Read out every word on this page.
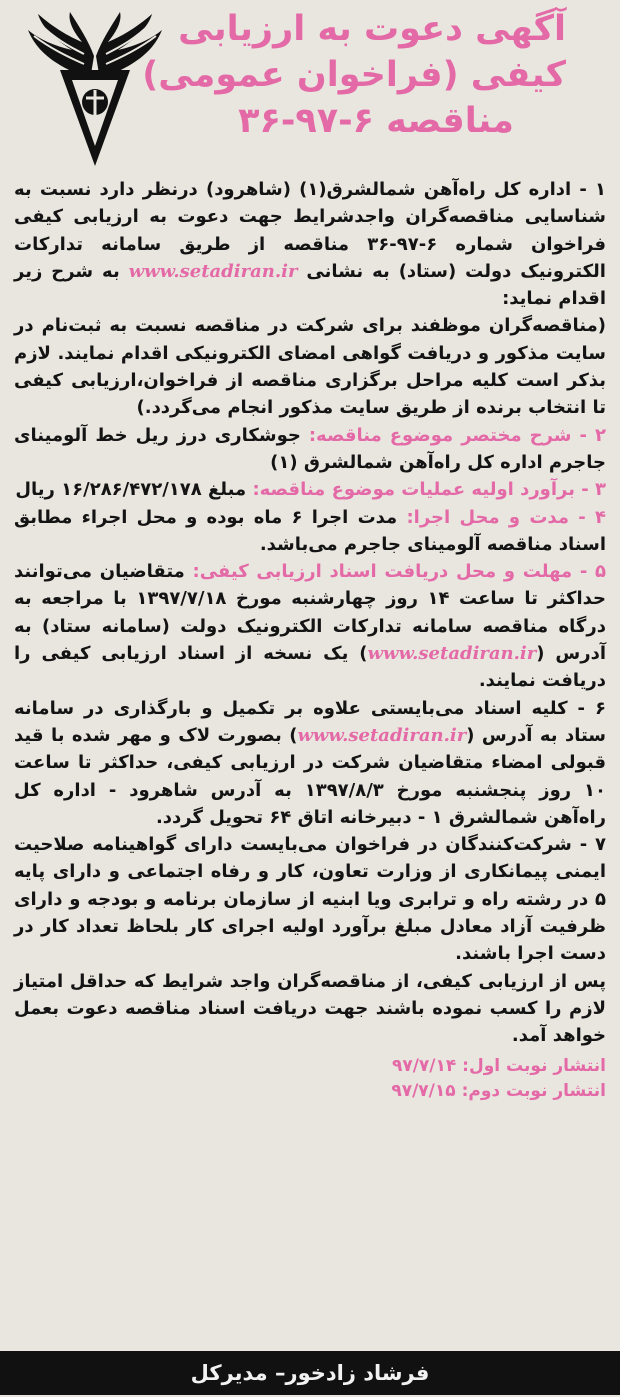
آگهی دعوت به ارزیابی
کیفی (فراخوان عمومی)
مناقصه ۶-۹۷-۳۶

۱ - اداره کل راه‌آهن شمالشرق(۱) (شاهرود) درنظر دارد نسبت به شناسایی مناقصه‌گران واجدشرایط جهت دعوت به ارزیابی کیفی فراخوان شماره ۶-۹۷-۳۶ مناقصه از طریق سامانه تدارکات الکترونیک دولت (ستاد) به نشانی www.setadiran.ir به شرح زیر اقدام نماید:

(مناقصه‌گران موظفند برای شرکت در مناقصه نسبت به ثبت‌نام در سایت مذکور و دریافت گواهی امضای الکترونیکی اقدام نمایند. لازم بذکر است کلیه مراحل برگزاری مناقصه از فراخوان،ارزیابی کیفی تا انتخاب برنده از طریق سایت مذکور انجام می‌گردد.)

۲ - شرح مختصر موضوع مناقصه: جوشکاری درز ریل خط آلومینای جاجرم اداره کل راه‌آهن شمالشرق (۱)

۳ - برآورد اولیه عملیات موضوع مناقصه: مبلغ ۱۶/۲۸۶/۴۷۲/۱۷۸ ریال

۴ - مدت و محل اجرا: مدت اجرا ۶ ماه بوده و محل اجراء مطابق اسناد مناقصه آلومینای جاجرم می‌باشد.

۵ - مهلت و محل دریافت اسناد ارزیابی کیفی: متقاضیان می‌توانند حداکثر تا ساعت ۱۴ روز چهارشنبه مورخ ۱۳۹۷/۷/۱۸ با مراجعه به درگاه مناقصه سامانه تدارکات الکترونیک دولت (سامانه ستاد) به آدرس (www.setadiran.ir) یک نسخه از اسناد ارزیابی کیفی را دریافت نمایند.

۶ - کلیه اسناد می‌بایستی علاوه بر تکمیل و بارگذاری در سامانه ستاد به آدرس (www.setadiran.ir) بصورت لاک و مهر شده با قید قبولی امضاء متقاضیان شرکت در ارزیابی کیفی، حداکثر تا ساعت ۱۰ روز پنجشنبه مورخ ۱۳۹۷/۸/۳ به آدرس شاهرود - اداره کل راه‌آهن شمالشرق ۱ - دبیرخانه اتاق ۶۴ تحویل گردد.

۷ - شرکت‌کنندگان در فراخوان می‌بایست دارای گواهینامه صلاحیت ایمنی پیمانکاری از وزارت تعاون، کار و رفاه اجتماعی و دارای پایه ۵ در رشته راه و ترابری ویا ابنیه از سازمان برنامه و بودجه و دارای ظرفیت آزاد معادل مبلغ برآورد اولیه اجرای کار بلحاظ تعداد کار در دست اجرا باشند.

پس از ارزیابی کیفی، از مناقصه‌گران واجد شرایط که حداقل امتیاز لازم را کسب نموده باشند جهت دریافت اسناد مناقصه دعوت بعمل خواهد آمد.

انتشار نوبت اول: ۹۷/۷/۱۴
انتشار نوبت دوم: ۹۷/۷/۱۵
فرشاد زادخور– مدیرکل
